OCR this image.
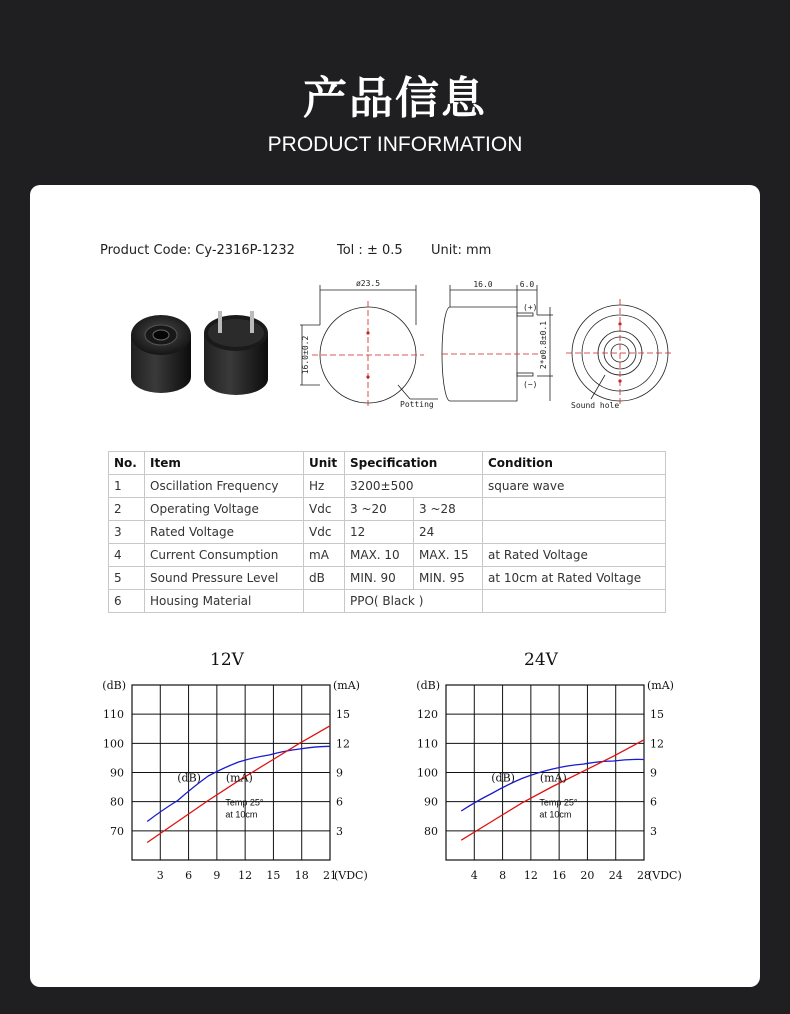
产品信息
PRODUCT INFORMATION
Product Code: Cy-2316P-1232	Tol : ± 0.5 Unit: mm
ø23.5
16.0±0.2
Potting
16.0	6.0
(+)
(−)
2*ø0.8±0.1
Sound hole
No.	Item	Unit	Specification		Condition
1	Oscillation Frequency	Hz	3200±500		square wave
2	Operating Voltage	Vdc	3 ~20	3 ~28	
3	Rated Voltage	Vdc	12	24	
4	Current Consumption	mA	MAX. 10	MAX. 15	at Rated Voltage
5	Sound Pressure Level	dB	MIN. 90	MIN. 95	at 10cm at Rated Voltage
6	Housing Material		PPO( Black )		
12V
(dB)	(mA)
110
100
90
80
70
15
12
9
6
3
3 6 9 12 15 18 21
(VDC)
(dB) (mA)
Temp 25°
at 10cm
24V
(dB)	(mA)
120
110
100
90
80
15
12
9
6
3
4 8 12 16 20 24 28
(VDC)
(dB) (mA)
Temp 25°
at 10cm
